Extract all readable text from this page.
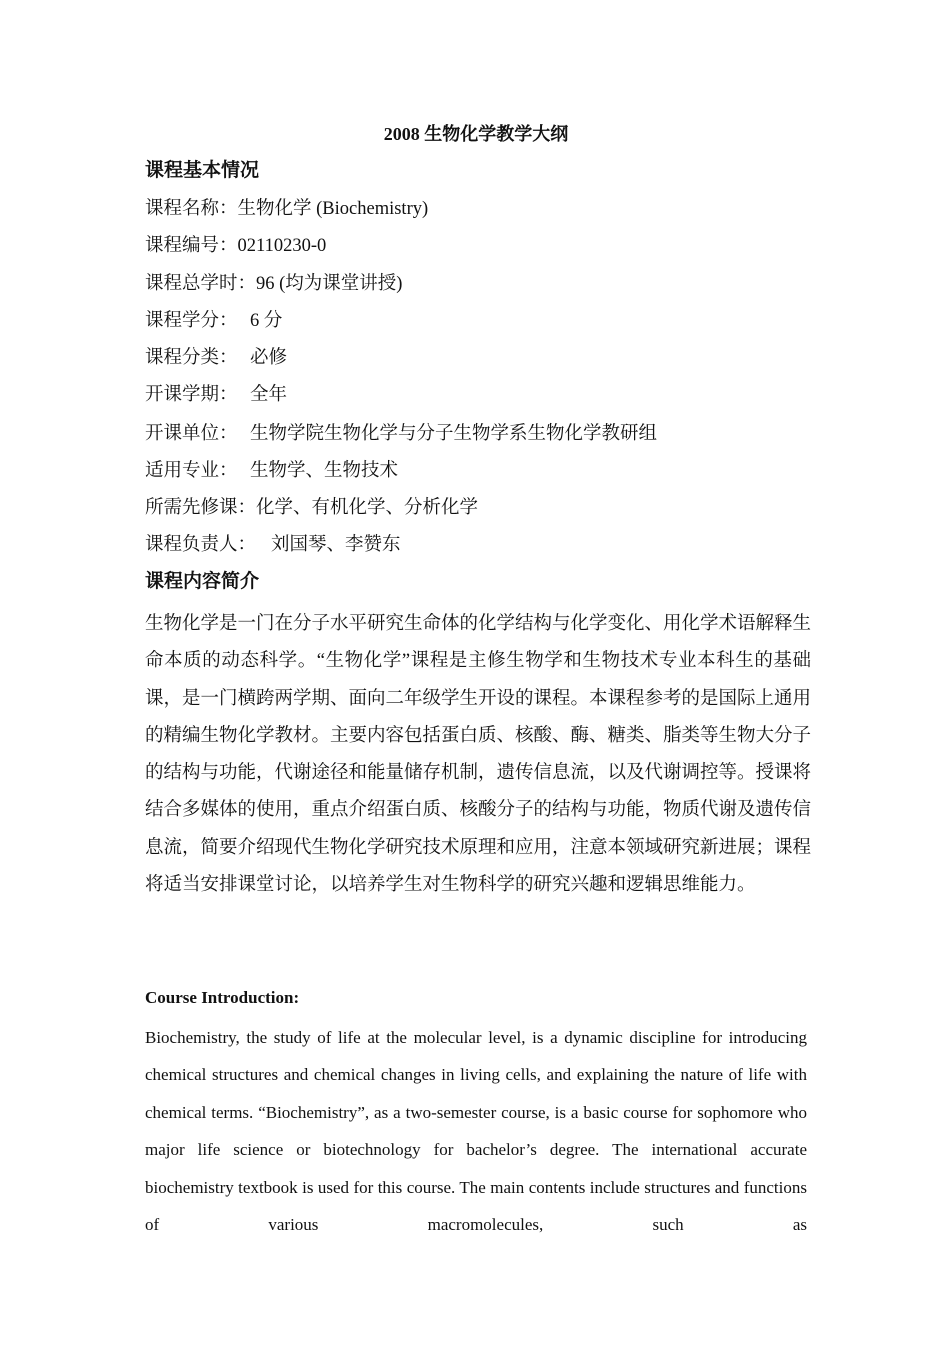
2008 生物化学教学大纲
课程基本情况
课程名称：生物化学 (Biochemistry)
课程编号：02110230-0
课程总学时：96 (均为课堂讲授)
课程学分： 6 分
课程分类： 必修
开课学期： 全年
开课单位： 生物学院生物化学与分子生物学系生物化学教研组
适用专业： 生物学、生物技术
所需先修课：化学、有机化学、分析化学
课程负责人： 刘国琴、李赞东
课程内容简介
生物化学是一门在分子水平研究生命体的化学结构与化学变化、用化学术语解释生命本质的动态科学。“生物化学”课程是主修生物学和生物技术专业本科生的基础课，是一门横跨两学期、面向二年级学生开设的课程。本课程参考的是国际上通用的精编生物化学教材。主要内容包括蛋白质、核酸、酶、糖类、脂类等生物大分子的结构与功能，代谢途径和能量储存机制，遗传信息流，以及代谢调控等。授课将结合多媒体的使用，重点介绍蛋白质、核酸分子的结构与功能，物质代谢及遗传信息流，简要介绍现代生物化学研究技术原理和应用，注意本领域研究新进展；课程将适当安排课堂讨论，以培养学生对生物科学的研究兴趣和逻辑思维能力。
Course Introduction:
Biochemistry, the study of life at the molecular level, is a dynamic discipline for introducing chemical structures and chemical changes in living cells, and explaining the nature of life with chemical terms. “Biochemistry”, as a two-semester course, is a basic course for sophomore who major life science or biotechnology for bachelor’s degree. The international accurate biochemistry textbook is used for this course. The main contents include structures and functions of various macromolecules, such as
